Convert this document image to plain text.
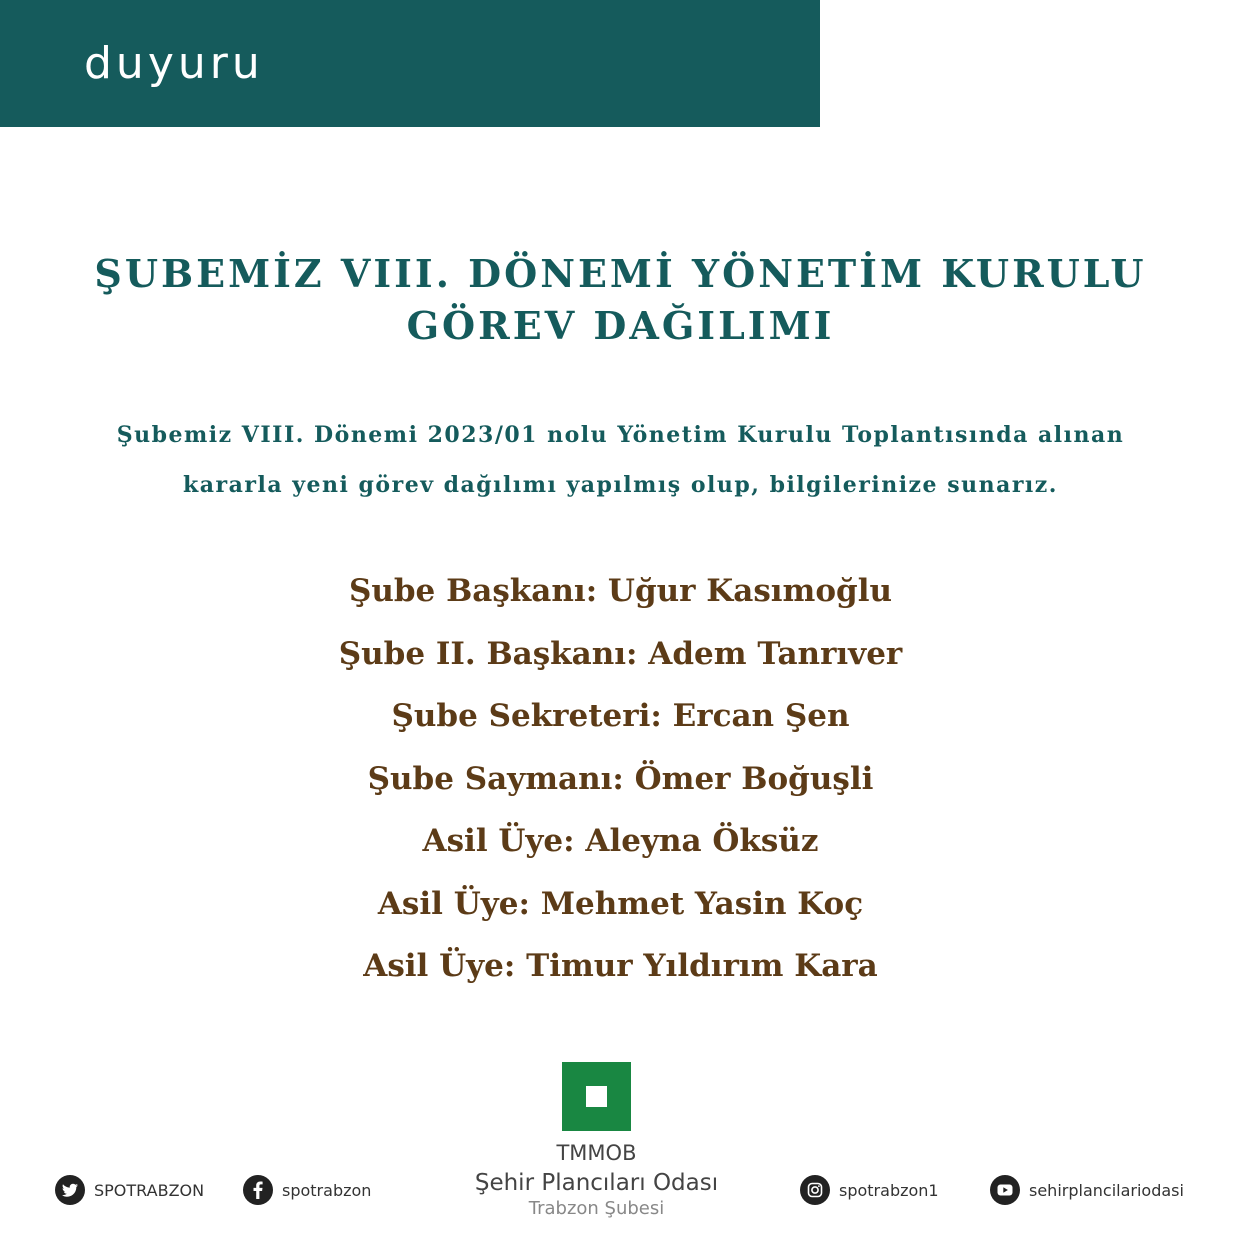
duyuru
ŞUBEMİZ VIII. DÖNEMİ YÖNETİM KURULU
GÖREV DAĞILIMI
Şubemiz VIII. Dönemi 2023/01 nolu Yönetim Kurulu Toplantısında alınan
kararla yeni görev dağılımı yapılmış olup, bilgilerinize sunarız.
Şube Başkanı: Uğur Kasımoğlu
Şube II. Başkanı: Adem Tanrıver
Şube Sekreteri: Ercan Şen
Şube Saymanı: Ömer Boğuşli
Asil Üye: Aleyna Öksüz
Asil Üye: Mehmet Yasin Koç
Asil Üye: Timur Yıldırım Kara
TMMOB
Şehir Plancıları Odası
Trabzon Şubesi
SPOTRABZON	spotrabzon	spotrabzon1	sehirplancilariodasi
